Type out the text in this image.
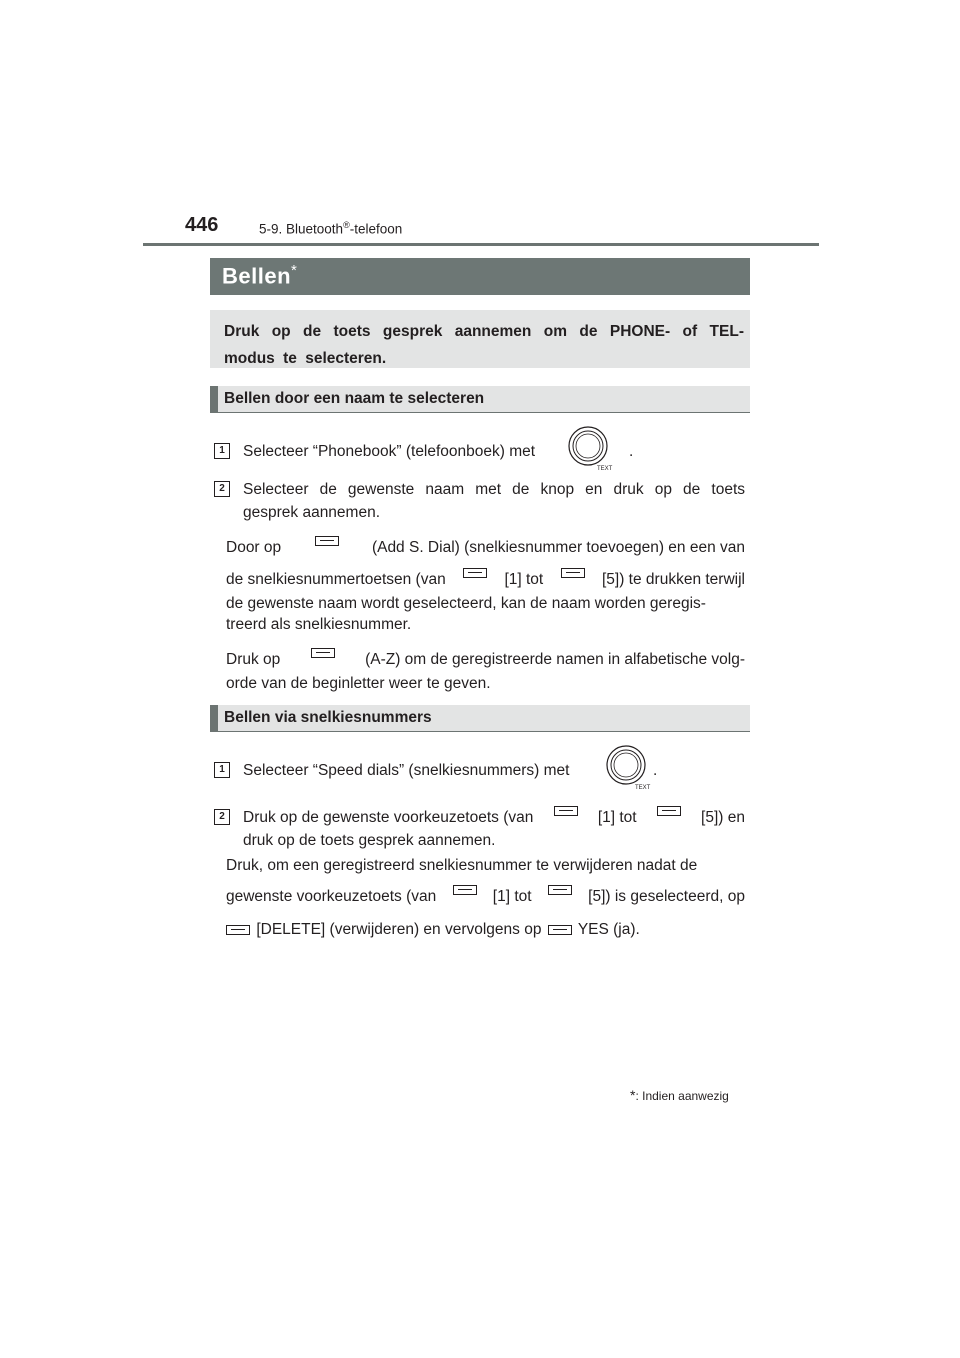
446	5-9. Bluetooth®-telefoon
Bellen*
Druk op de toets gesprek aannemen om de PHONE- of TEL-modus te selecteren.
Bellen door een naam te selecteren
1	Selecteer “Phonebook” (telefoonboek) met
TEXT
.
2	Selecteer de gewenste naam met de knop en druk op de toets
gesprek aannemen.
Door op	(Add S. Dial) (snelkiesnummer toevoegen) en een van
de snelkiesnummertoetsen (van	[1] tot	[5]) te drukken terwijl
de gewenste naam wordt geselecteerd, kan de naam worden geregis-
treerd als snelkiesnummer.
Druk op	(A-Z) om de geregistreerde namen in alfabetische volg-
orde van de beginletter weer te geven.
Bellen via snelkiesnummers
1	Selecteer “Speed dials” (snelkiesnummers) met
TEXT
.
2	Druk op de gewenste voorkeuzetoets (van	[1] tot	[5]) en
druk op de toets gesprek aannemen.
Druk, om een geregistreerd snelkiesnummer te verwijderen nadat de
gewenste voorkeuzetoets (van	[1] tot	[5]) is geselecteerd, op
[DELETE] (verwijderen) en vervolgens op YES (ja).
*: Indien aanwezig
